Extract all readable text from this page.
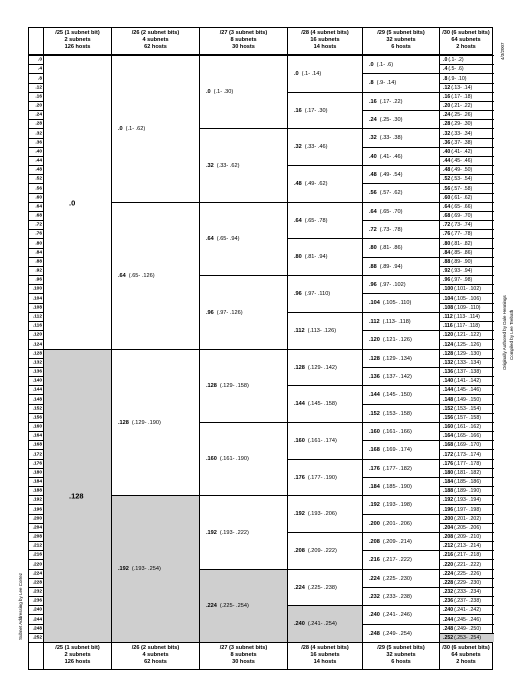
/25 (1 subnet bit)
2 subnets
126 hosts
/26 (2 subnet bits)
4 subnets
62 hosts
/27 (3 subnet bits)
8 subnets
30 hosts
/28 (4 subnet bits)
16 subnets
14 hosts
/29 (5 subnet bits)
32 subnets
6 hosts
/30 (6 subnet bits)
64 subnets
2 hosts
.0
.4
.8
.12
.16
.20
.24
.28
.32
.36
.40
.44
.48
.52
.56
.60
.64
.68
.72
.76
.80
.84
.88
.92
.96
.100
.104
.108
.112
.116
.120
.124
.128
.132
.136
.140
.144
.148
.152
.156
.160
.164
.168
.172
.176
.180
.184
.188
.192
.196
.200
.204
.208
.212
.216
.220
.224
.228
.232
.236
.240
.244
.248
.252
.0
.128
.0 (.1- .62)
.64 (.65- .126)
.128 (.129- .190)
.192 (.193- .254)
.0 (.1- .30)
.32 (.33- .62)
.64 (.65- .94)
.96 (.97- .126)
.128 (.129- .158)
.160 (.161- .190)
.192 (.193- .222)
.224 (.225- .254)
.0 (.1- .14)
.16 (.17- .30)
.32 (.33- .46)
.48 (.49- .62)
.64 (.65- .78)
.80 (.81- .94)
.96 (.97- .110)
.112 (.113- .126)
.128 (.129- .142)
.144 (.145- .158)
.160 (.161- .174)
.176 (.177- .190)
.192 (.193- .206)
.208 (.209- .222)
.224 (.225- .238)
.240 (.241- .254)
.0 (.1- .6)
.8 (.9- .14)
.16 (.17- .22)
.24 (.25- .30)
.32 (.33- .38)
.40 (.41- .46)
.48 (.49- .54)
.56 (.57- .62)
.64 (.65- .70)
.72 (.73- .78)
.80 (.81- .86)
.88 (.89- .94)
.96 (.97- .102)
.104 (.105- .110)
.112 (.113- .118)
.120 (.121- .126)
.128 (.129- .134)
.136 (.137- .142)
.144 (.145- .150)
.152 (.153- .158)
.160 (.161- .166)
.168 (.169- .174)
.176 (.177- .182)
.184 (.185- .190)
.192 (.193- .198)
.200 (.201- .206)
.208 (.209- .214)
.216 (.217- .222)
.224 (.225- .230)
.232 (.233- .238)
.240 (.241- .246)
.248 (.249- .254)
.0(.1- .2)
.4(.5- .6)
.8(.9- .10)
.12(.13- .14)
.16(.17- .18)
.20(.21- .22)
.24(.25- .26)
.28(.29- .30)
.32(.33- .34)
.36(.37- .38)
.40(.41- .42)
.44(.45- .46)
.48(.49- .50)
.52(.53- .54)
.56(.57- .58)
.60(.61- .62)
.64(.65- .66)
.68(.69- .70)
.72(.73- .74)
.76(.77- .78)
.80(.81- .82)
.84(.85- .86)
.88(.89- .90)
.92(.93- .94)
.96(.97- .98)
.100(.101- .102)
.104(.105- .106)
.108(.109- .110)
.112(.113- .114)
.116(.117- .118)
.120(.121- .122)
.124(.125- .126)
.128(.129- .130)
.132(.133- .134)
.136(.137- .138)
.140(.141- .142)
.144(.145- .146)
.148(.149- .150)
.152(.153- .154)
.156(.157- .158)
.160(.161- .162)
.164(.165- .166)
.168(.169- .170)
.172(.173- .174)
.176(.177- .178)
.180(.181- .182)
.184(.185- .186)
.188(.189- .190)
.192(.193- .194)
.196(.197- .198)
.200(.201- .202)
.204(.205- .206)
.208(.209- .210)
.212(.213- .214)
.216(.217- .218)
.220(.221- .222)
.224(.225- .226)
.228(.229- .230)
.232(.233- .234)
.236(.237- .238)
.240(.241- .242)
.244(.245- .246)
.248(.249- .250)
.252(.253- .254)
/25 (1 subnet bit)
2 subnets
126 hosts
/26 (2 subnet bits)
4 subnets
62 hosts
/27 (3 subnet bits)
8 subnets
30 hosts
/28 (4 subnet bits)
16 subnets
14 hosts
/29 (5 subnet bits)
32 subnets
6 hosts
/30 (6 subnet bits)
64 subnets
2 hosts
4/3/2007
Originally Authored by Dale Hennings Compiled by Lee Trebath
Subnet Addressing by Lee Cortez
